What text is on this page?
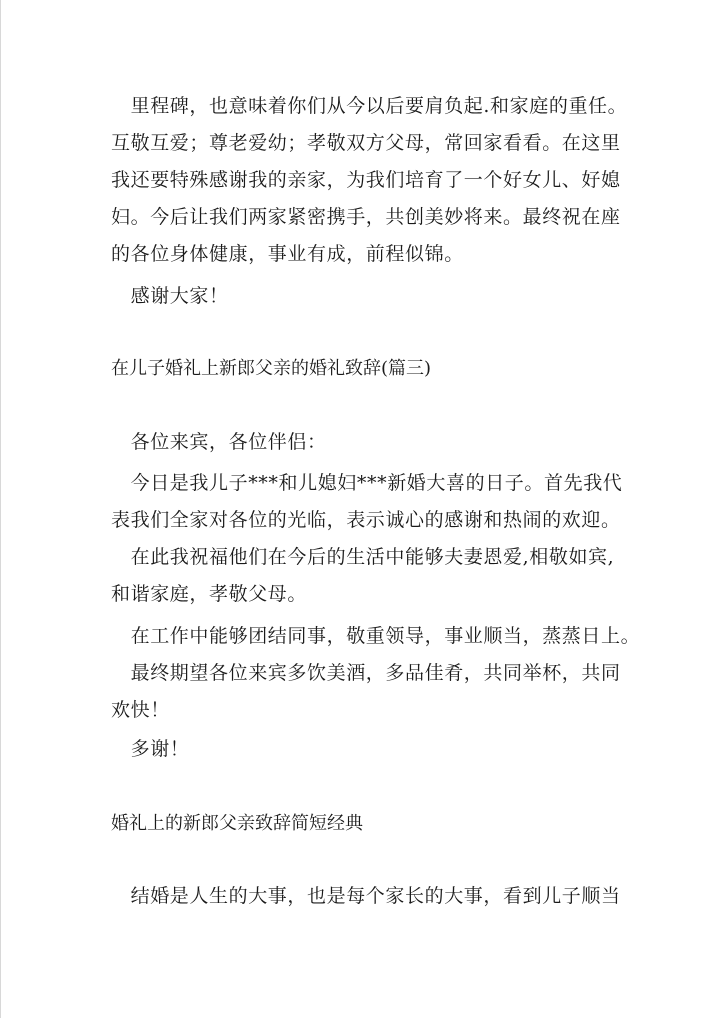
　里程碑，也意味着你们从今以后要肩负起.和家庭的重任。
互敬互爱；尊老爱幼；孝敬双方父母，常回家看看。在这里
我还要特殊感谢我的亲家，为我们培育了一个好女儿、好媳
妇。今后让我们两家紧密携手，共创美妙将来。最终祝在座
的各位身体健康，事业有成，前程似锦。
　感谢大家！
在儿子婚礼上新郎父亲的婚礼致辞(篇三)
　各位来宾，各位伴侣：
　今日是我儿子***和儿媳妇***新婚大喜的日子。首先我代
表我们全家对各位的光临，表示诚心的感谢和热闹的欢迎。
　在此我祝福他们在今后的生活中能够夫妻恩爱,相敬如宾,
和谐家庭，孝敬父母。
　在工作中能够团结同事，敬重领导，事业顺当，蒸蒸日上。
　最终期望各位来宾多饮美酒，多品佳肴，共同举杯，共同
欢快！
　多谢！
婚礼上的新郎父亲致辞简短经典
　结婚是人生的大事，也是每个家长的大事，看到儿子顺当
